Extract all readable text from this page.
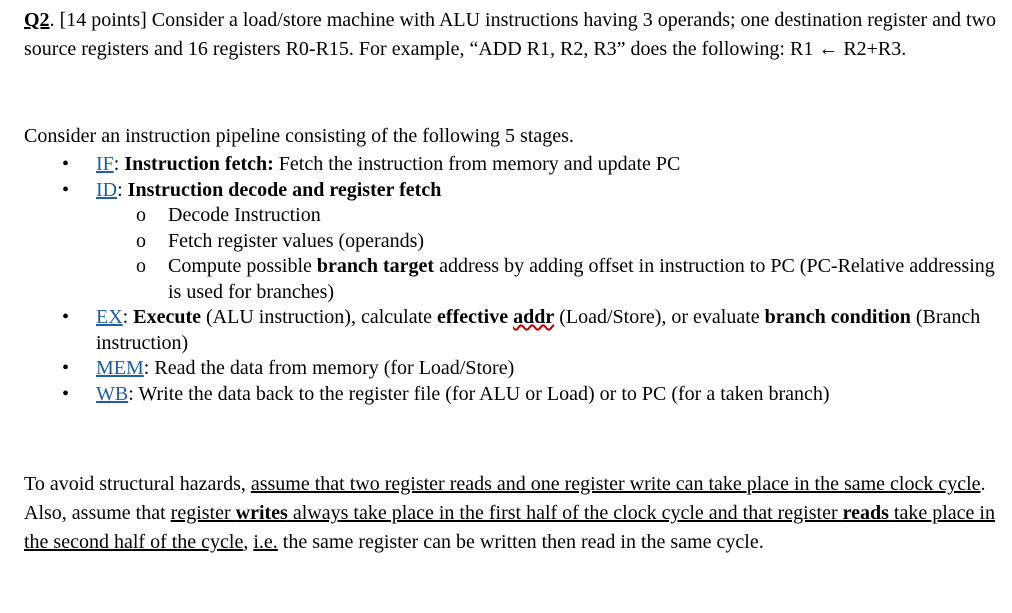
Q2. [14 points] Consider a load/store machine with ALU instructions having 3 operands; one destination register and two source registers and 16 registers R0-R15. For example, “ADD R1, R2, R3” does the following: R1 ← R2+R3.

Consider an instruction pipeline consisting of the following 5 stages.

• IF: Instruction fetch: Fetch the instruction from memory and update PC
• ID: Instruction decode and register fetch
o Decode Instruction
o Fetch register values (operands)
o Compute possible branch target address by adding offset in instruction to PC (PC-Relative addressing is used for branches)
• EX: Execute (ALU instruction), calculate effective addr (Load/Store), or evaluate branch condition (Branch instruction)
• MEM: Read the data from memory (for Load/Store)
• WB: Write the data back to the register file (for ALU or Load) or to PC (for a taken branch)

To avoid structural hazards, assume that two register reads and one register write can take place in the same clock cycle. Also, assume that register writes always take place in the first half of the clock cycle and that register reads take place in the second half of the cycle, i.e. the same register can be written then read in the same cycle.
